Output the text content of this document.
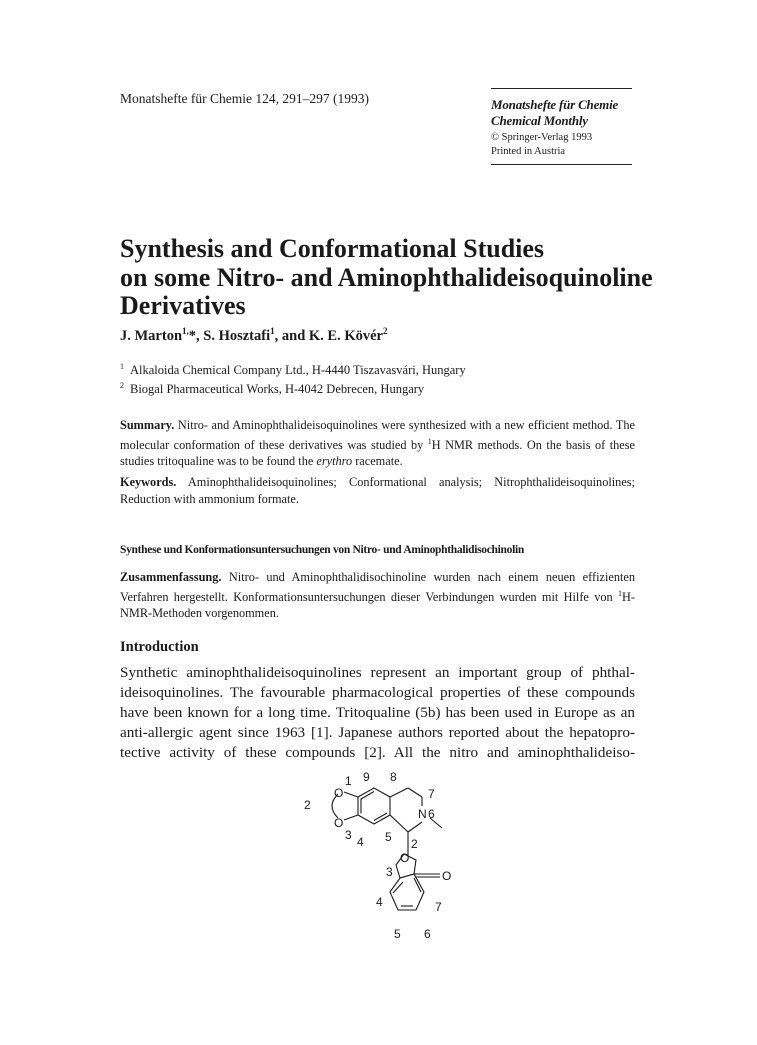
Monatshefte für Chemie 124, 291–297 (1993)	Monatshefte für Chemie
Chemical Monthly
© Springer-Verlag 1993
Printed in Austria
Synthesis and Conformational Studies
on some Nitro- and Aminophthalideisoquinoline
Derivatives
J. Marton$^{1,}$*, S. Hosztafi$^1$, and K. E. Kövér$^2$
$^1$ Alkaloida Chemical Company Ltd., H-4440 Tiszavasvári, Hungary
$^2$ Biogal Pharmaceutical Works, H-4042 Debrecen, Hungary
Summary. Nitro- and Aminophthalideisoquinolines were synthesized with a new efficient method. The molecular conformation of these derivatives was studied by $^1$H NMR methods. On the basis of these studies tritoqualine was to be found the erythro racemate.
Keywords. Aminophthalideisoquinolines; Conformational analysis; Nitrophthalideisoquinolines; Reduction with ammonium formate.
Synthese und Konformationsuntersuchungen von Nitro- und Aminophthalidisochinolin
Zusammenfassung. Nitro- und Aminophthalidisochinoline wurden nach einem neuen effizienten Verfahren hergestellt. Konformationsuntersuchungen dieser Verbindungen wurden mit Hilfe von $^1$H-NMR-Methoden vorgenommen.
Introduction
Synthetic aminophthalideisoquinolines represent an important group of phthal-
ideisoquinolines. The favourable pharmacological properties of these compounds
have been known for a long time. Tritoqualine (5b) has been used in Europe as an
anti-allergic agent since 1963 [1]. Japanese authors reported about the hepatopro-
tective activity of these compounds [2]. All the nitro and aminophthalideiso-
1 9 8
7
2
6
3 4 5 2
3
4	7
5 6
O
O
O
O
N
